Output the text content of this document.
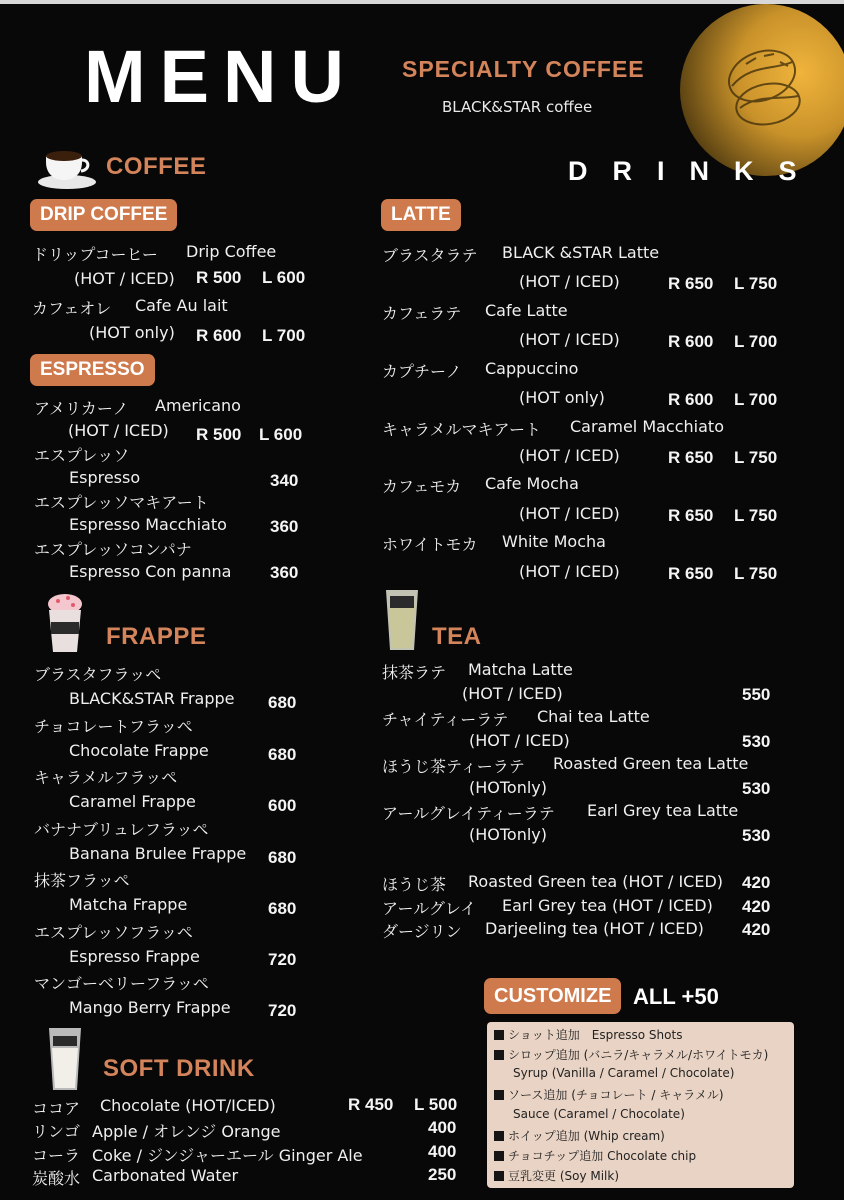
MENU SPECIALTY COFFEE
BLACK&STAR coffee
DRINKS
COFFEE
DRIP COFFEE
ドリップコーヒー Drip Coffee
(HOT / ICED) R 500 L 600
カフェオレ Cafe Au lait
(HOT only) R 600 L 700
ESPRESSO
アメリカーノ Americano
(HOT / ICED) R 500 L 600
エスプレッソ
Espresso	340
エスプレッソマキアート
Espresso Macchiato	360
エスプレッソコンパナ
Espresso Con panna 360
FRAPPE
ブラスタフラッペ
BLACK&STAR Frappe 680
チョコレートフラッペ
Chocolate Frappe	680
キャラメルフラッペ
Caramel Frappe	600
バナナブリュレフラッペ
Banana Brulee Frappe 680
抹茶フラッペ
Matcha Frappe	680
エスプレッソフラッペ
Espresso Frappe	720
マンゴーベリーフラッペ
Mango Berry Frappe 720
SOFT DRINK
ココア Chocolate (HOT/ICED)	R 450 L 500
リンゴ Apple / オレンジ Orange	400
コーラ Coke / ジンジャーエール Ginger Ale	400
炭酸水 Carbonated Water	250
LATTE
ブラスタラテ BLACK &STAR Latte
(HOT / ICED)	R 650 L 750
カフェラテ Cafe Latte
(HOT / ICED)	R 600 L 700
カプチーノ Cappuccino
(HOT only)	R 600 L 700
キャラメルマキアート Caramel Macchiato
(HOT / ICED)	R 650 L 750
カフェモカ Cafe Mocha
(HOT / ICED)	R 650 L 750
ホワイトモカ White Mocha
(HOT / ICED)	R 650 L 750
TEA
抹茶ラテ Matcha Latte
(HOT / ICED)	550
チャイティーラテ Chai tea Latte
(HOT / ICED)	530
ほうじ茶ティーラテ Roasted Green tea Latte
(HOTonly)	530
アールグレイティーラテ Earl Grey tea Latte
(HOTonly)	530
ほうじ茶 Roasted Green tea (HOT / ICED) 420
アールグレイ Earl Grey tea (HOT / ICED) 420
ダージリン Darjeeling tea (HOT / ICED) 420
CUSTOMIZE ALL +50
ショット追加　Espresso Shots
シロップ追加 (バニラ/キャラメル/ホワイトモカ)
Syrup (Vanilla / Caramel / Chocolate)
ソース追加 (チョコレート / キャラメル)
Sauce (Caramel / Chocolate)
ホイップ追加 (Whip cream)
チョコチップ追加 Chocolate chip
豆乳変更 (Soy Milk)
